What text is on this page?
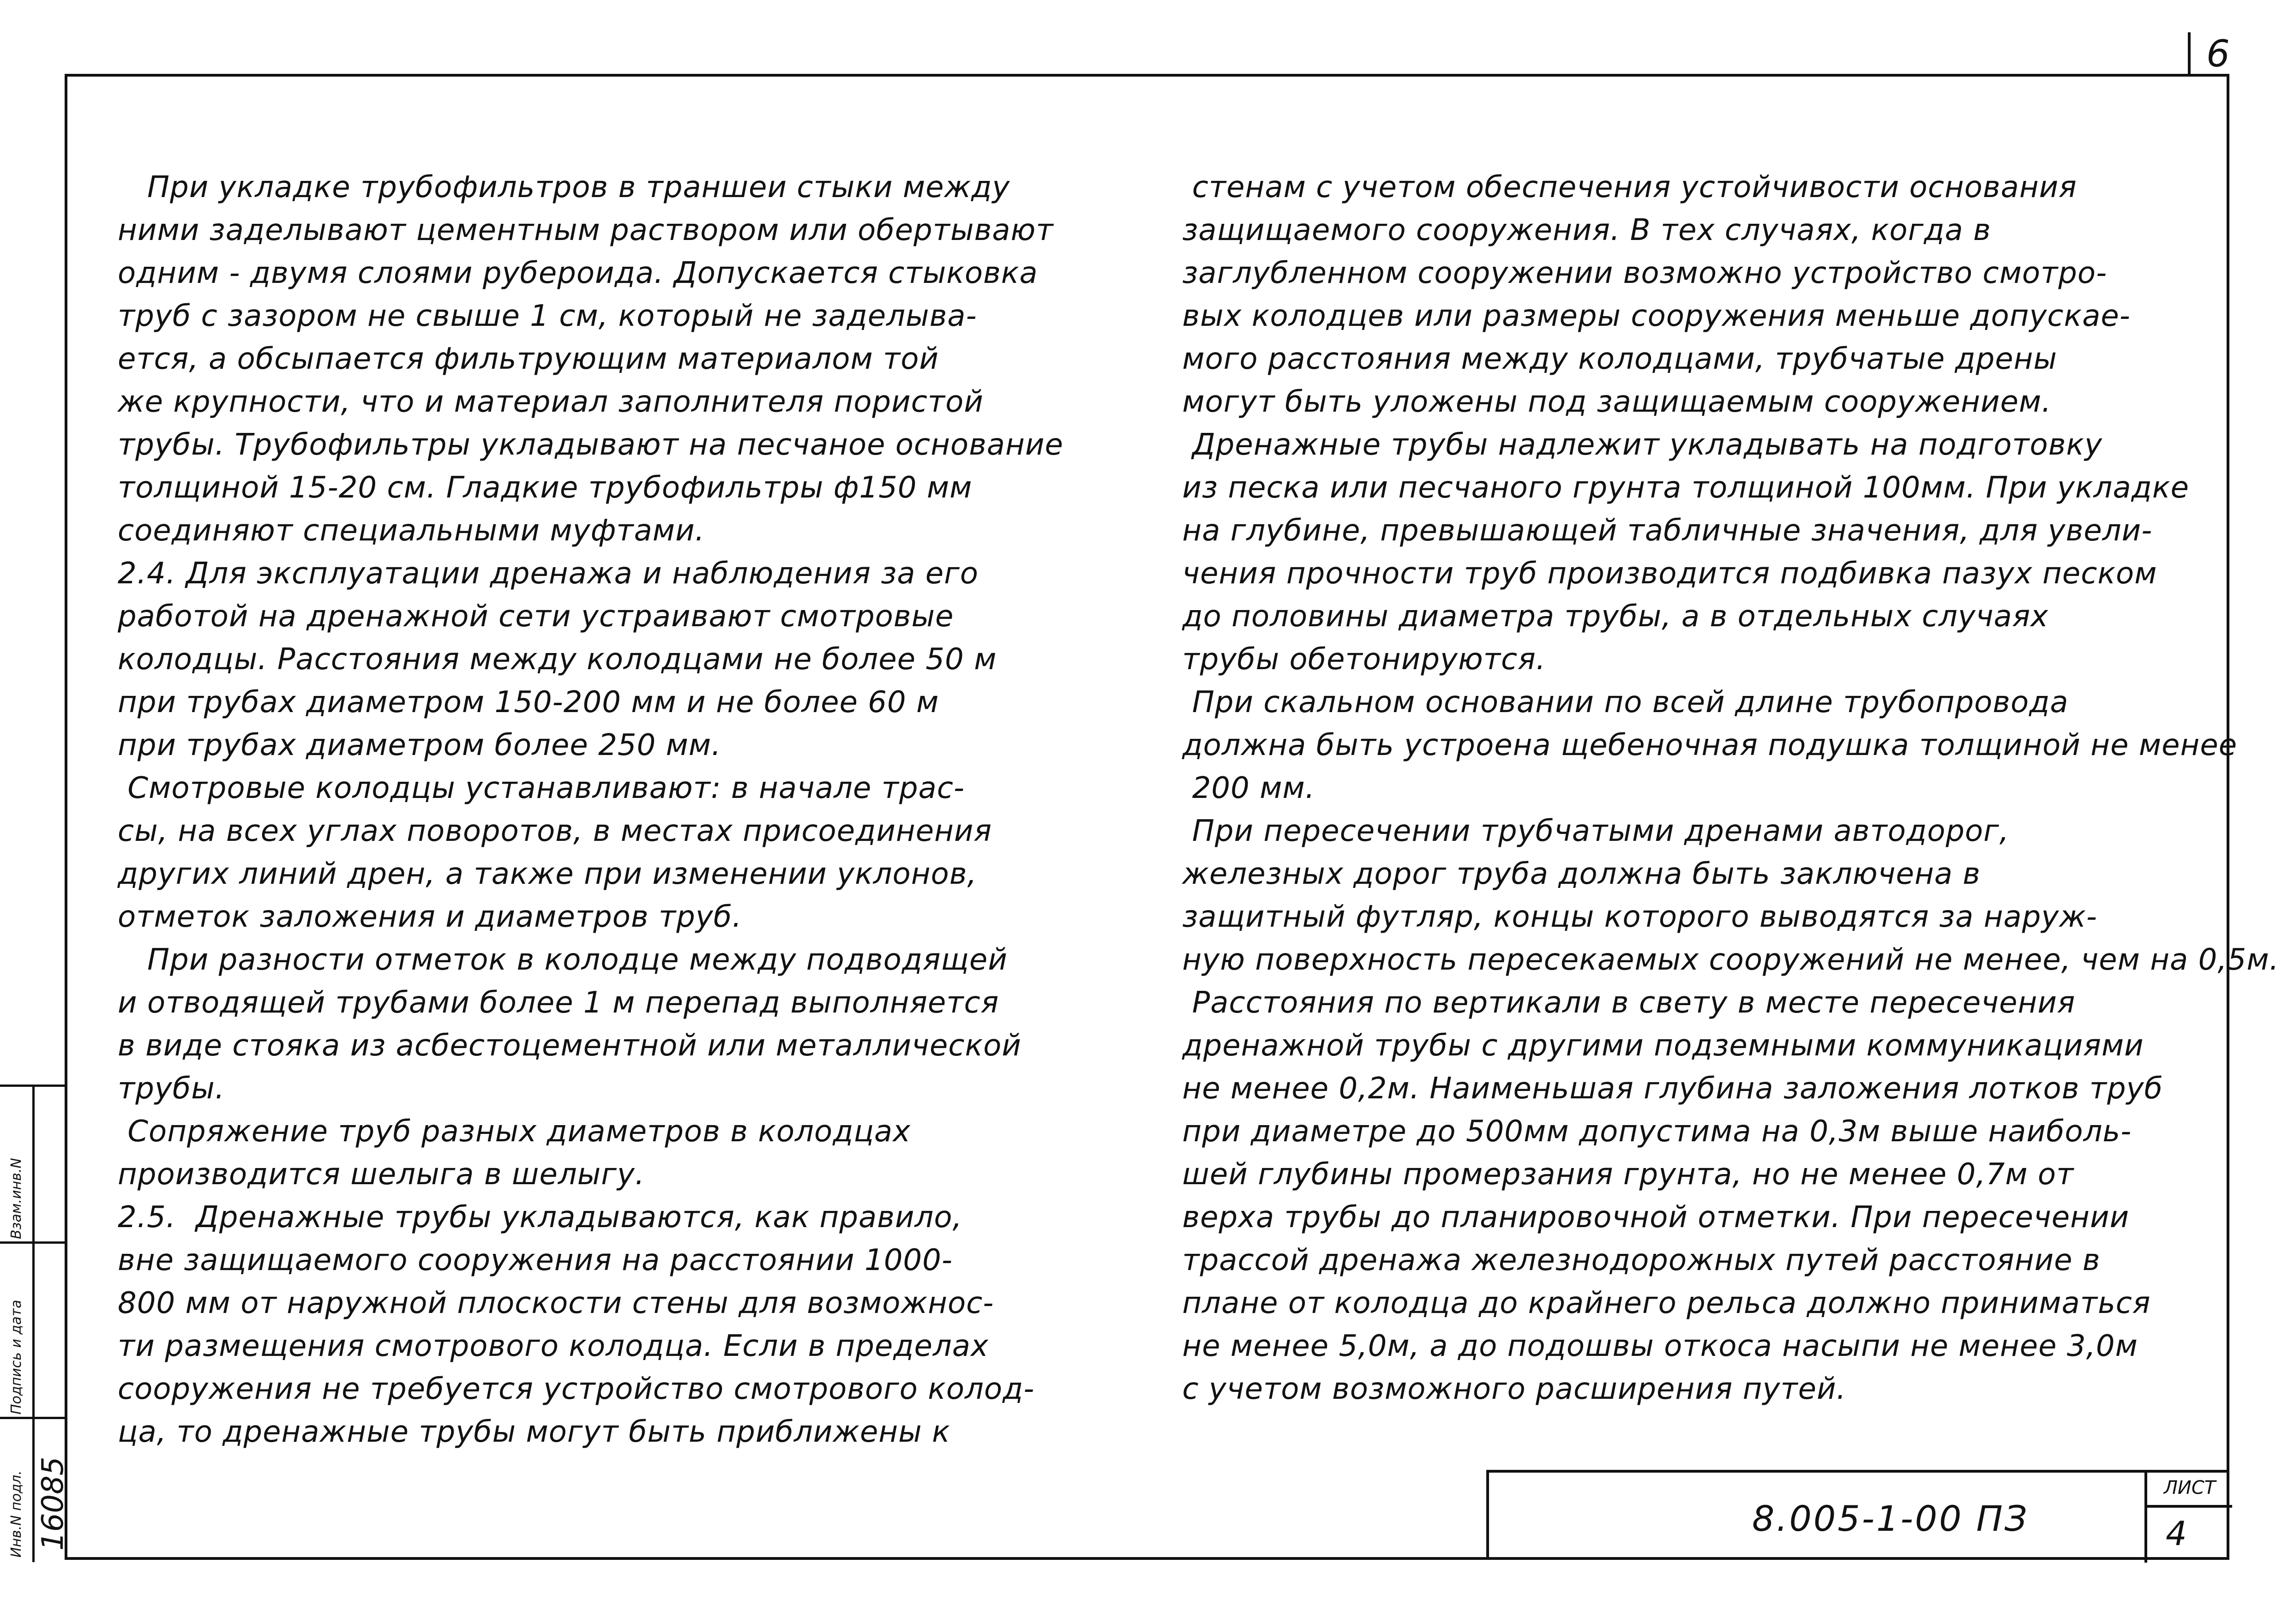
6
Взам.инв.N
Подпись и дата
Инв.N подл. 16085

При укладке трубофильтров в траншеи стыки между

ними заделывают цементным раствором или обертывают

одним - двумя слоями рубероида. Допускается стыковка

труб с зазором не свыше 1 см, который не заделыва-

ется, а обсыпается фильтрующим материалом той

же крупности, что и материал заполнителя пористой

трубы. Трубофильтры укладывают на песчаное основание

толщиной 15-20 см. Гладкие трубофильтры ф150 мм

соединяют специальными муфтами.

2.4. Для эксплуатации дренажа и наблюдения за его

работой на дренажной сети устраивают смотровые

колодцы. Расстояния между колодцами не более 50 м

при трубах диаметром 150-200 мм и не более 60 м

при трубах диаметром более 250 мм.

Смотровые колодцы устанавливают: в начале трас-

сы, на всех углах поворотов, в местах присоединения

других линий дрен, а также при изменении уклонов,

отметок заложения и диаметров труб.

При разности отметок в колодце между подводящей

и отводящей трубами более 1 м перепад выполняется

в виде стояка из асбестоцементной или металлической

трубы.

Сопряжение труб разных диаметров в колодцах

производится шелыга в шелыгу.

2.5.  Дренажные трубы укладываются, как правило,

вне защищаемого сооружения на расстоянии 1000-

800 мм от наружной плоскости стены для возможнос-

ти размещения смотрового колодца. Если в пределах

сооружения не требуется устройство смотрового колод-

ца, то дренажные трубы могут быть приближены к

стенам с учетом обеспечения устойчивости основания

защищаемого сооружения. В тех случаях, когда в

заглубленном сооружении возможно устройство смотро-

вых колодцев или размеры сооружения меньше допускае-

мого расстояния между колодцами, трубчатые дрены

могут быть уложены под защищаемым сооружением.

Дренажные трубы надлежит укладывать на подготовку

из песка или песчаного грунта толщиной 100мм. При укладке

на глубине, превышающей табличные значения, для увели-

чения прочности труб производится подбивка пазух песком

до половины диаметра трубы, а в отдельных случаях

трубы обетонируются.

При скальном основании по всей длине трубопровода

должна быть устроена щебеночная подушка толщиной не менее

200 мм.

При пересечении трубчатыми дренами автодорог,

железных дорог труба должна быть заключена в

защитный футляр, концы которого выводятся за наруж-

ную поверхность пересекаемых сооружений не менее, чем на 0,5м.

Расстояния по вертикали в свету в месте пересечения

дренажной трубы с другими подземными коммуникациями

не менее 0,2м. Наименьшая глубина заложения лотков труб

при диаметре до 500мм допустима на 0,3м выше наиболь-

шей глубины промерзания грунта, но не менее 0,7м от

верха трубы до планировочной отметки. При пересечении

трассой дренажа железнодорожных путей расстояние в

плане от колодца до крайнего рельса должно приниматься

не менее 5,0м, а до подошвы откоса насыпи не менее 3,0м

с учетом возможного расширения путей.

8.005-1-00 ПЗ
ЛИСТ
4
